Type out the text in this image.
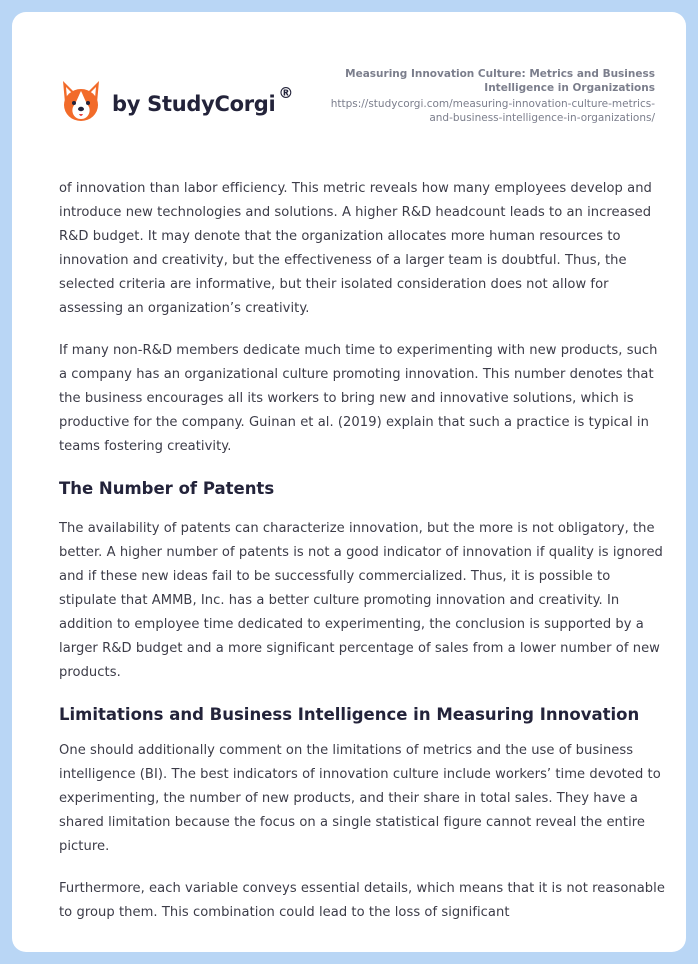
by StudyCorgi ®
Measuring Innovation Culture: Metrics and Business Intelligence in Organizations
https://studycorgi.com/measuring-innovation-culture-metrics-and-business-intelligence-in-organizations/

of innovation than labor efficiency. This metric reveals how many employees develop and introduce new technologies and solutions. A higher R&D headcount leads to an increased R&D budget. It may denote that the organization allocates more human resources to innovation and creativity, but the effectiveness of a larger team is doubtful. Thus, the selected criteria are informative, but their isolated consideration does not allow for assessing an organization’s creativity.

If many non-R&D members dedicate much time to experimenting with new products, such a company has an organizational culture promoting innovation. This number denotes that the business encourages all its workers to bring new and innovative solutions, which is productive for the company. Guinan et al. (2019) explain that such a practice is typical in teams fostering creativity.

The Number of Patents

The availability of patents can characterize innovation, but the more is not obligatory, the better. A higher number of patents is not a good indicator of innovation if quality is ignored and if these new ideas fail to be successfully commercialized. Thus, it is possible to stipulate that AMMB, Inc. has a better culture promoting innovation and creativity. In addition to employee time dedicated to experimenting, the conclusion is supported by a larger R&D budget and a more significant percentage of sales from a lower number of new products.

Limitations and Business Intelligence in Measuring Innovation

One should additionally comment on the limitations of metrics and the use of business intelligence (BI). The best indicators of innovation culture include workers’ time devoted to experimenting, the number of new products, and their share in total sales. They have a shared limitation because the focus on a single statistical figure cannot reveal the entire picture.

Furthermore, each variable conveys essential details, which means that it is not reasonable to group them. This combination could lead to the loss of significant
